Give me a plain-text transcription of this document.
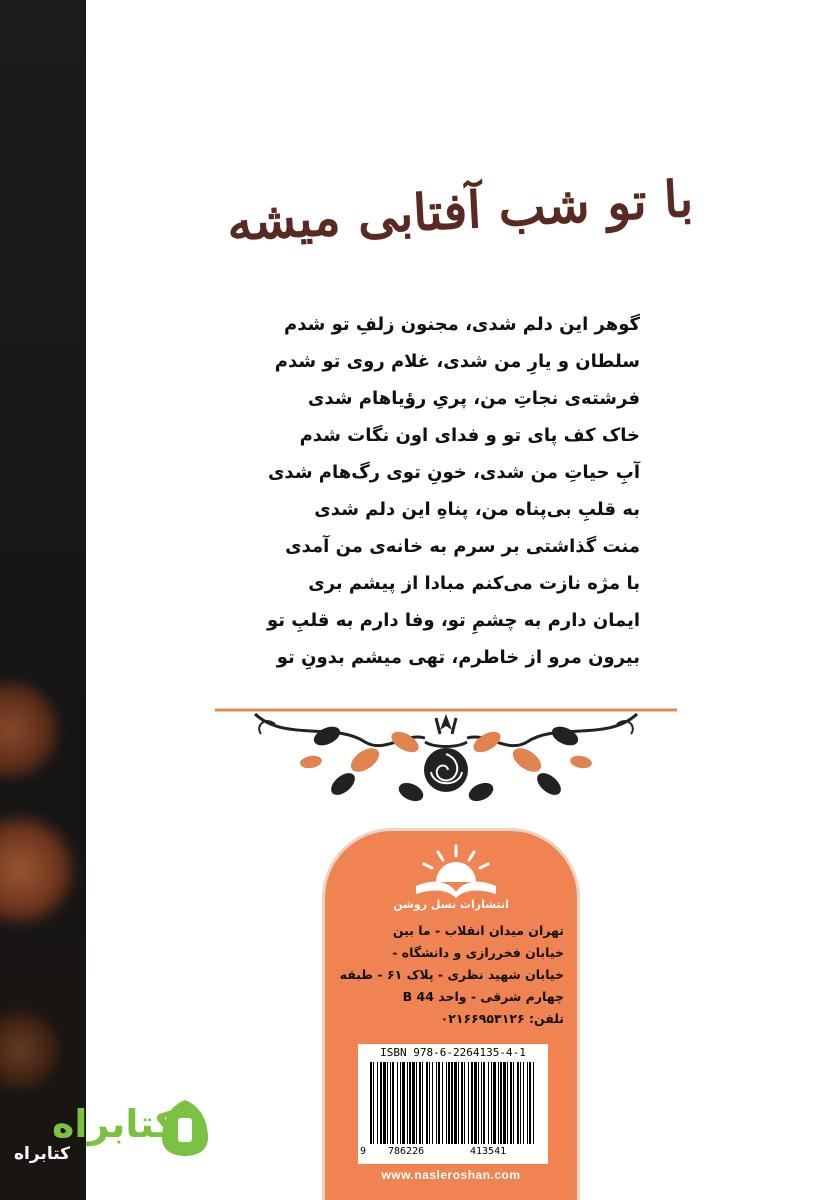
با تو شب آفتابی میشه
گوهر این دلم شدی، مجنون زلفِ تو شدم
سلطان و یارِ من شدی، غلام روی تو شدم
فرشته‌ی نجاتِ من، پریِ رؤیاهام شدی
خاک کف پای تو و فدای اون نگات شدم
آبِ حیاتِ من شدی، خونِ توی رگ‌هام شدی
به قلبِ بی‌پناه من، پناهِ این دلم شدی
منت گذاشتی بر سرم به خانه‌ی من آمدی
با مژه نازت می‌کنم مبادا از پیشم بری
ایمان دارم به چشمِ تو، وفا دارم به قلبِ تو
بیرون مرو از خاطرم، تهی میشم بدونِ تو
انتشارات نسل روشن
تهران میدان انقلاب - ما بین
خیابان فخررازی و دانشگاه -
خیابان شهید نظری - پلاک ۶۱ - طبقه
چهارم شرقی - واحد 44 B
تلفن: ۰۲۱۶۶۹۵۳۱۲۶
ISBN 978-6-2264135-4-1
9 786226	413541
www.nasleroshan.com
کتابراه
کتابراه
